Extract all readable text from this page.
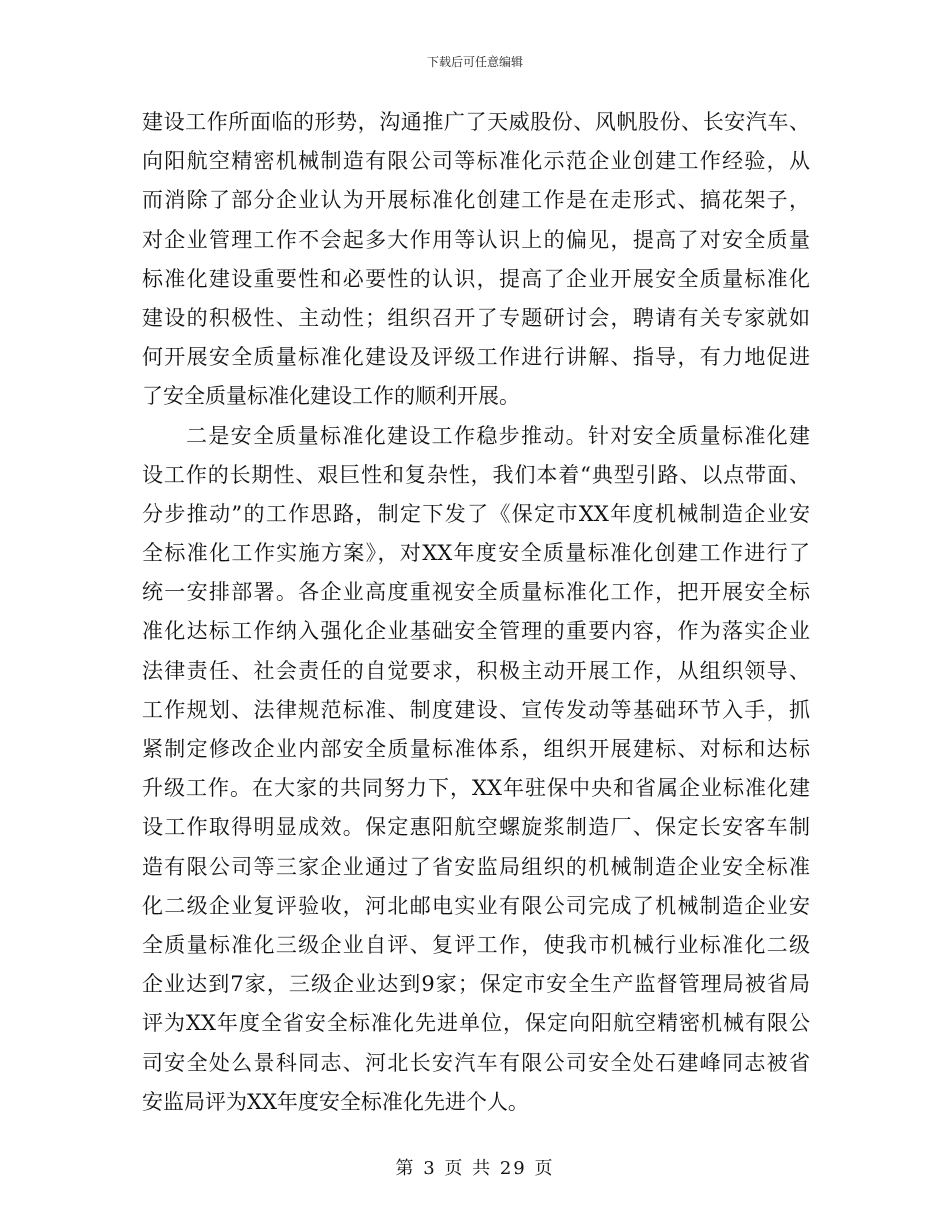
下载后可任意编辑
建设工作所面临的形势，沟通推广了天威股份、风帆股份、长安汽车、
向阳航空精密机械制造有限公司等标准化示范企业创建工作经验，从
而消除了部分企业认为开展标准化创建工作是在走形式、搞花架子，
对企业管理工作不会起多大作用等认识上的偏见，提高了对安全质量
标准化建设重要性和必要性的认识，提高了企业开展安全质量标准化
建设的积极性、主动性；组织召开了专题研讨会，聘请有关专家就如
何开展安全质量标准化建设及评级工作进行讲解、指导，有力地促进
了安全质量标准化建设工作的顺利开展。
二是安全质量标准化建设工作稳步推动。针对安全质量标准化建
设工作的长期性、艰巨性和复杂性，我们本着“典型引路、以点带面、
分步推动”的工作思路，制定下发了《保定市XX年度机械制造企业安
全标准化工作实施方案》，对XX年度安全质量标准化创建工作进行了
统一安排部署。各企业高度重视安全质量标准化工作，把开展安全标
准化达标工作纳入强化企业基础安全管理的重要内容，作为落实企业
法律责任、社会责任的自觉要求，积极主动开展工作，从组织领导、
工作规划、法律规范标准、制度建设、宣传发动等基础环节入手，抓
紧制定修改企业内部安全质量标准体系，组织开展建标、对标和达标
升级工作。在大家的共同努力下，XX年驻保中央和省属企业标准化建
设工作取得明显成效。保定惠阳航空螺旋浆制造厂、保定长安客车制
造有限公司等三家企业通过了省安监局组织的机械制造企业安全标准
化二级企业复评验收，河北邮电实业有限公司完成了机械制造企业安
全质量标准化三级企业自评、复评工作，使我市机械行业标准化二级
企业达到7家，三级企业达到9家；保定市安全生产监督管理局被省局
评为XX年度全省安全标准化先进单位，保定向阳航空精密机械有限公
司安全处么景科同志、河北长安汽车有限公司安全处石建峰同志被省
安监局评为XX年度安全标准化先进个人。
第 3 页 共 29 页
